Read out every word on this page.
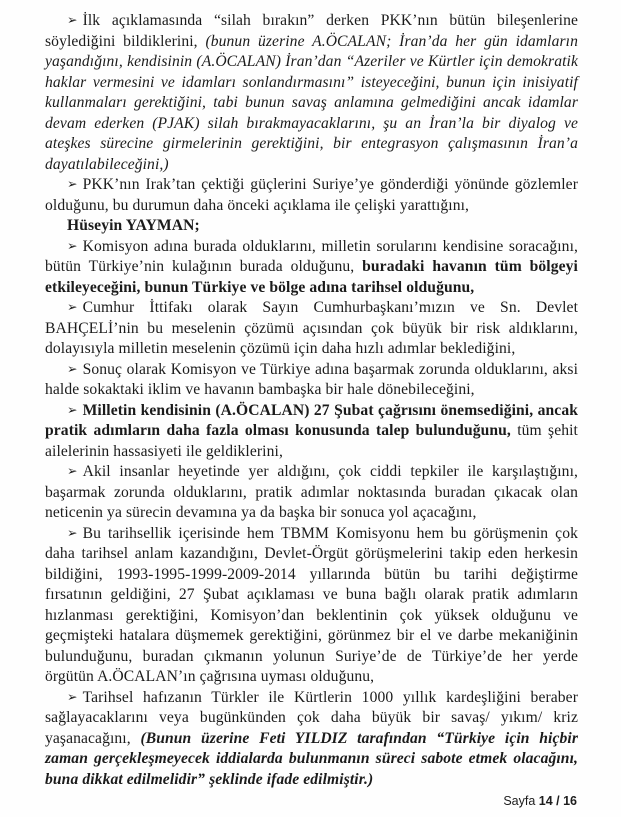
➢ İlk açıklamasında “silah bırakın” derken PKK’nın bütün bileşenlerine söylediğini bildiklerini, (bunun üzerine A.ÖCALAN; İran’da her gün idamların yaşandığını, kendisinin (A.ÖCALAN) İran’dan “Azeriler ve Kürtler için demokratik haklar vermesini ve idamları sonlandırmasını” isteyeceğini, bunun için inisiyatif kullanmaları gerektiğini, tabi bunun savaş anlamına gelmediğini ancak idamlar devam ederken (PJAK) silah bırakmayacaklarını, şu an İran’la bir diyalog ve ateşkes sürecine girmelerinin gerektiğini, bir entegrasyon çalışmasının İran’a dayatılabileceğini,)

➢ PKK’nın Irak’tan çektiği güçlerini Suriye’ye gönderdiği yönünde gözlemler olduğunu, bu durumun daha önceki açıklama ile çelişki yarattığını,

Hüseyin YAYMAN;

➢ Komisyon adına burada olduklarını, milletin sorularını kendisine soracağını, bütün Türkiye’nin kulağının burada olduğunu, buradaki havanın tüm bölgeyi etkileyeceğini, bunun Türkiye ve bölge adına tarihsel olduğunu,

➢ Cumhur İttifakı olarak Sayın Cumhurbaşkanı’mızın ve Sn. Devlet BAHÇELİ’nin bu meselenin çözümü açısından çok büyük bir risk aldıklarını, dolayısıyla milletin meselenin çözümü için daha hızlı adımlar beklediğini,

➢ Sonuç olarak Komisyon ve Türkiye adına başarmak zorunda olduklarını, aksi halde sokaktaki iklim ve havanın bambaşka bir hale dönebileceğini,

➢ Milletin kendisinin (A.ÖCALAN) 27 Şubat çağrısını önemsediğini, ancak pratik adımların daha fazla olması konusunda talep bulunduğunu, tüm şehit ailelerinin hassasiyeti ile geldiklerini,

➢ Akil insanlar heyetinde yer aldığını, çok ciddi tepkiler ile karşılaştığını, başarmak zorunda olduklarını, pratik adımlar noktasında buradan çıkacak olan neticenin ya sürecin devamına ya da başka bir sonuca yol açacağını,

➢ Bu tarihsellik içerisinde hem TBMM Komisyonu hem bu görüşmenin çok daha tarihsel anlam kazandığını, Devlet-Örgüt görüşmelerini takip eden herkesin bildiğini, 1993-1995-1999-2009-2014 yıllarında bütün bu tarihi değiştirme fırsatının geldiğini, 27 Şubat açıklaması ve buna bağlı olarak pratik adımların hızlanması gerektiğini, Komisyon’dan beklentinin çok yüksek olduğunu ve geçmişteki hatalara düşmemek gerektiğini, görünmez bir el ve darbe mekaniğinin bulunduğunu, buradan çıkmanın yolunun Suriye’de de Türkiye’de her yerde örgütün A.ÖCALAN’ın çağrısına uyması olduğunu,

➢ Tarihsel hafızanın Türkler ile Kürtlerin 1000 yıllık kardeşliğini beraber sağlayacaklarını veya bugünkünden çok daha büyük bir savaş/ yıkım/ kriz yaşanacağını, (Bunun üzerine Feti YILDIZ tarafından “Türkiye için hiçbir zaman gerçekleşmeyecek iddialarda bulunmanın süreci sabote etmek olacağını, buna dikkat edilmelidir” şeklinde ifade edilmiştir.)

Sayfa 14 / 16
